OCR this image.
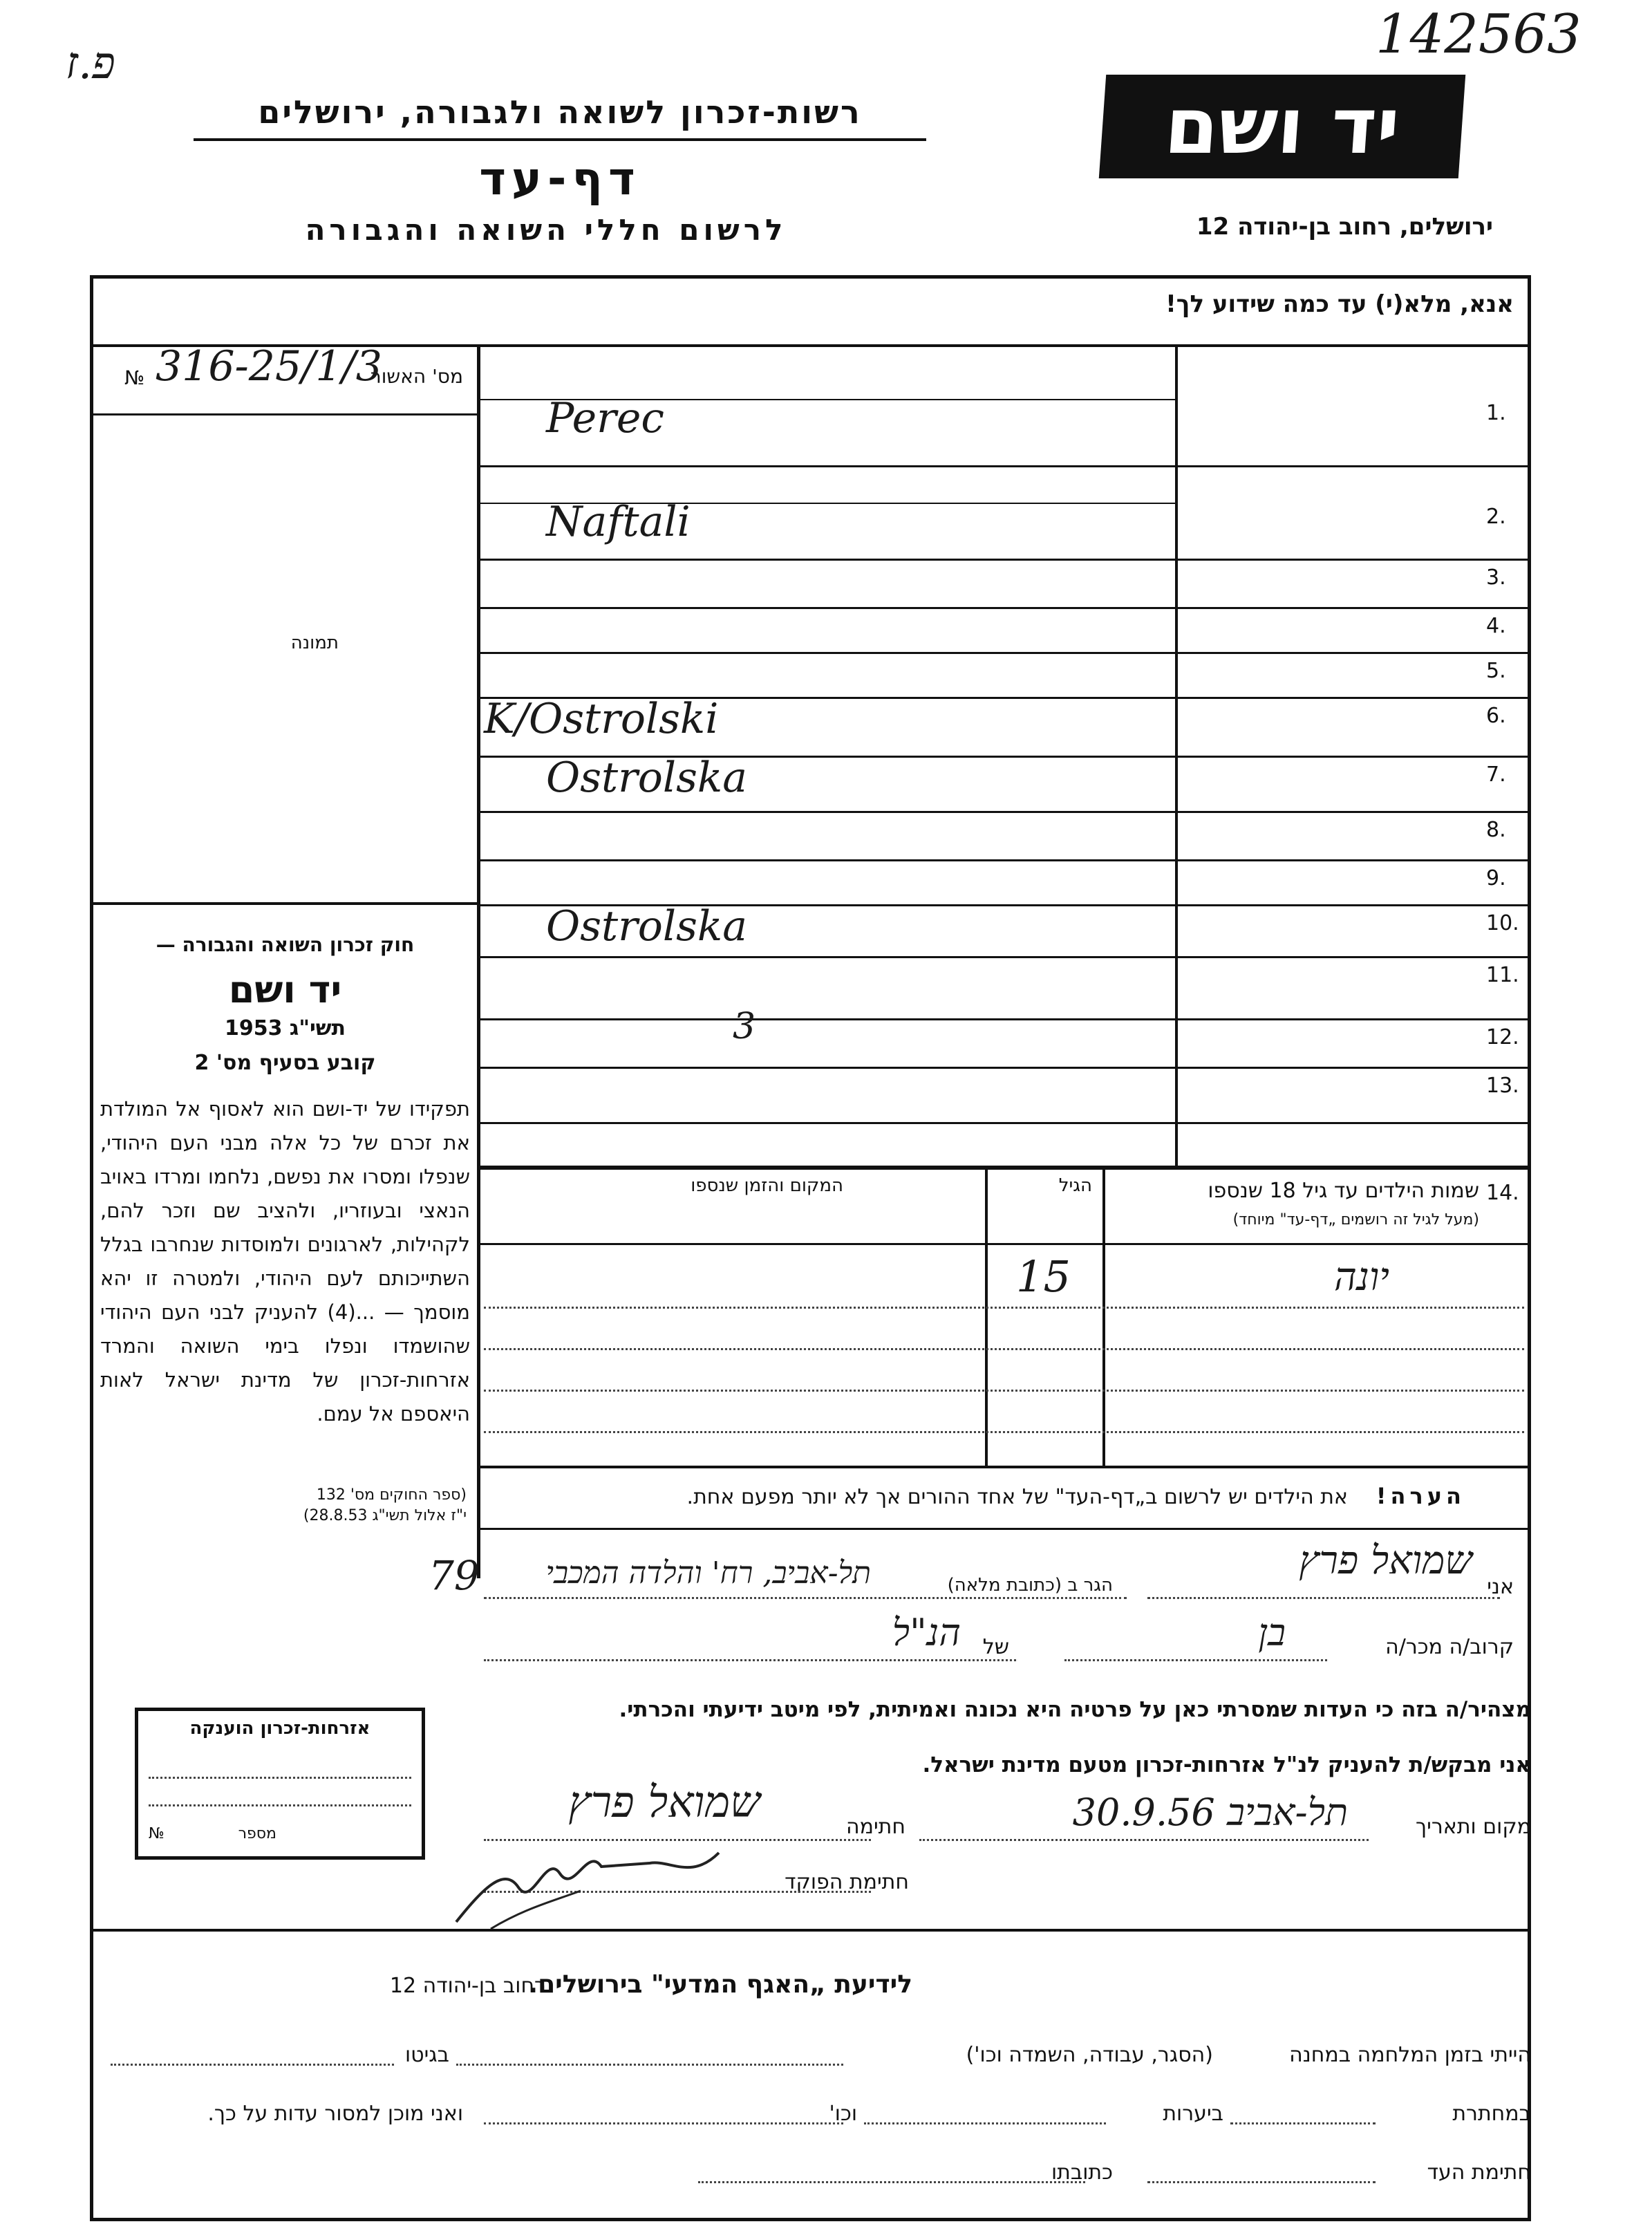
142563
פ.ז
יד ושם
רשות-זכרון לשואה ולגבורה, ירושלים
דף-עד
לרשום חללי השואה והגבורה	ירושלים, רחוב בן-יהודה 12
אנא, מלא(י) עד כמה שידוע לך!
מס' האשור
№ 316-25/1/3
תמונה
חוק זכרון השואה והגבורה —
יד ושם
תשי"ג 1953
קובע בסעיף מס' 2
תפקידו של יד-ושם הוא לאסוף אל המולדת את זכרם של כל אלה מבני העם היהודי, שנפלו ומסרו את נפשם, נלחמו ומרדו באויב הנאצי ובעוזריו, ולהציב שם וזכר להם, לקהילות, לארגונים ולמוסדות שנחרבו בגלל השתייכותם לעם היהודי, ולמטרה זו יהא מוסמך — ...(4) להעניק לבני העם היהודי שהושמדו ונפלו בימי השואה והמרד אזרחות-זכרון של מדינת ישראל לאות היאספם אל עמם.
(ספר החוקים מס' 132
י"ז אלול תשי"ג 28.8.53)
1.
Perec
2.
Naftali
3.
4.
5.
6.
K/Ostrolski
7.
Ostrolska
8.
9.
10.
Ostrolska
11.
12.
3
13.
14.
שמות הילדים עד גיל 18 שנספו
(מעל לגיל זה רושמים „דף-עד" מיוחד)
הגיל
המקום והזמן שנספו
יונה
15
הערה!
את הילדים יש לרשום ב„דף-העד" של אחד ההורים אך לא יותר מפעם אחת.
אני
שמואל פרץ
הגר ב (כתובת מלאה)
תל-אביב, רח' והלדה המכבי
79
קרוב/ה מכר/ה
בן
של
הנ"ל
מצהיר/ה בזה כי העדות שמסרתי כאן על פרטיה היא נכונה ואמיתית, לפי מיטב ידיעתי והכרתי.
אני מבקש/ת להעניק לנ"ל אזרחות-זכרון מטעם מדינת ישראל.
מקום ותאריך
תל-אביב 30.9.56
חתימה
שמואל פרץ
חתימת הפוקד
אזרחות-זכרון הוענקה
מספר
№
לידיעת „האגף המדעי" בירושלים.
רחוב בן-יהודה 12
הייתי בזמן המלחמה במחנה
(הסגר, עבודה, השמדה וכו')
בגיטו
במחתרת
ביערות
וכו'
ואני מוכן למסור עדות על כך.
חתימת העד
כתובתו
